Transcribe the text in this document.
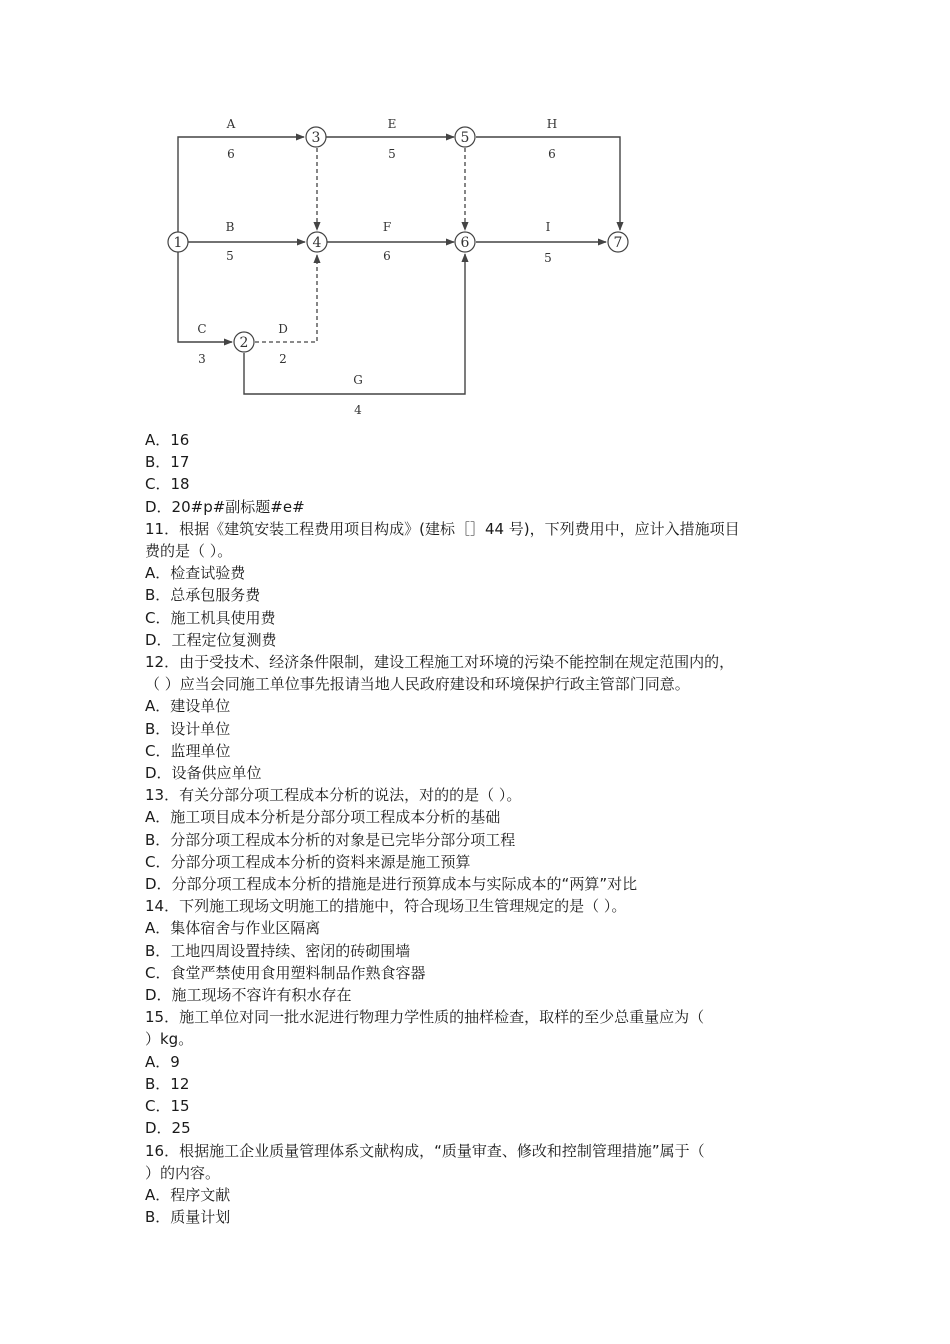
1
2
3
4
5
6	7
A
6
E
5
H
6
B
5
F
6
I
5
C
3
D
2
G
4

A．16

B．17

C．18

D．20#p#副标题#e#

11．根据《建筑安装工程费用项目构成》(建标［］44 号)，下列费用中，应计入措施项目

费的是（ ）。

A．检查试验费

B．总承包服务费

C．施工机具使用费

D．工程定位复测费

12．由于受技术、经济条件限制，建设工程施工对环境的污染不能控制在规定范围内的，

（ ）应当会同施工单位事先报请当地人民政府建设和环境保护行政主管部门同意。

A．建设单位

B．设计单位

C．监理单位

D．设备供应单位

13．有关分部分项工程成本分析的说法，对的的是（ ）。

A．施工项目成本分析是分部分项工程成本分析的基础

B．分部分项工程成本分析的对象是已完毕分部分项工程

C．分部分项工程成本分析的资料来源是施工预算

D．分部分项工程成本分析的措施是进行预算成本与实际成本的“两算”对比

14．下列施工现场文明施工的措施中，符合现场卫生管理规定的是（ ）。

A．集体宿舍与作业区隔离

B．工地四周设置持续、密闭的砖砌围墙

C．食堂严禁使用食用塑料制品作熟食容器

D．施工现场不容许有积水存在

15．施工单位对同一批水泥进行物理力学性质的抽样检查，取样的至少总重量应为（

）kg。

A．9

B．12

C．15

D．25

16．根据施工企业质量管理体系文献构成，“质量审查、修改和控制管理措施”属于（

）的内容。

A．程序文献

B．质量计划
